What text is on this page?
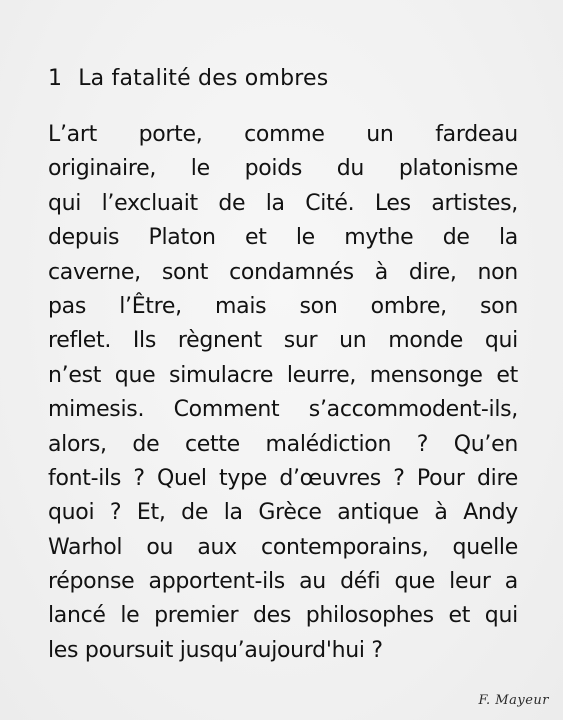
1 La fatalité des ombres
L’art porte, comme un fardeau
originaire, le poids du platonisme
qui l’excluait de la Cité. Les artistes,
depuis Platon et le mythe de la
caverne, sont condamnés à dire, non
pas l’Être, mais son ombre, son
reflet. Ils règnent sur un monde qui
n’est que simulacre leurre, mensonge et
mimesis. Comment s’accommodent-ils,
alors, de cette malédiction ? Qu’en
font-ils ? Quel type d’œuvres ? Pour dire
quoi ? Et, de la Grèce antique à Andy
Warhol ou aux contemporains, quelle
réponse apportent-ils au défi que leur a
lancé le premier des philosophes et qui
les poursuit jusqu’aujourd'hui ?
F. Mayeur
